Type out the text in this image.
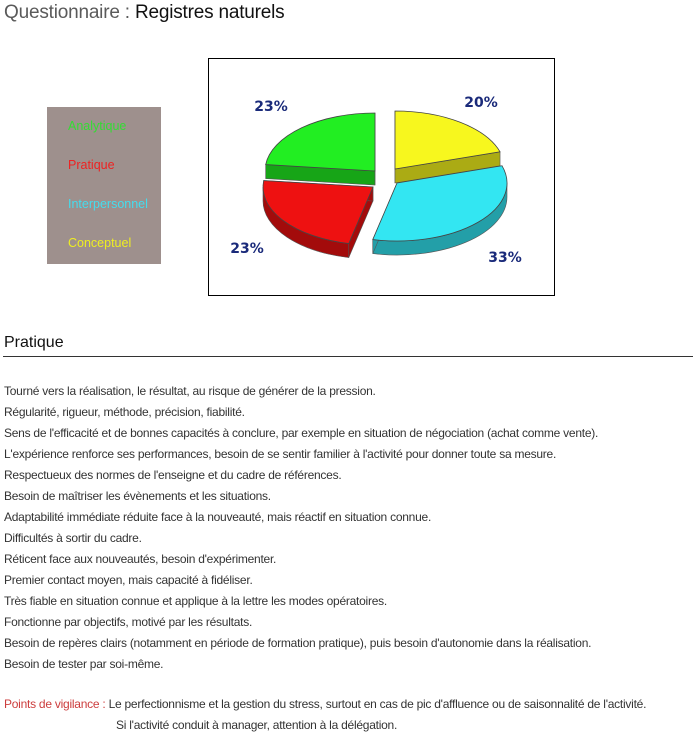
Questionnaire : Registres naturels
Analytique
Pratique
Interpersonnel
Conceptuel
23%
23%
33%
20%
Pratique
Tourné vers la réalisation, le résultat, au risque de générer de la pression.
Régularité, rigueur, méthode, précision, fiabilité.
Sens de l'efficacité et de bonnes capacités à conclure, par exemple en situation de négociation (achat comme vente).
L'expérience renforce ses performances, besoin de se sentir familier à l'activité pour donner toute sa mesure.
Respectueux des normes de l'enseigne et du cadre de références.
Besoin de maîtriser les évènements et les situations.
Adaptabilité immédiate réduite face à la nouveauté, mais réactif en situation connue.
Difficultés à sortir du cadre.
Réticent face aux nouveautés, besoin d'expérimenter.
Premier contact moyen, mais capacité à fidéliser.
Très fiable en situation connue et applique à la lettre les modes opératoires.
Fonctionne par objectifs, motivé par les résultats.
Besoin de repères clairs (notamment en période de formation pratique), puis besoin d'autonomie dans la réalisation.
Besoin de tester par soi-même.
Points de vigilance : Le perfectionnisme et la gestion du stress, surtout en cas de pic d'affluence ou de saisonnalité de l'activité.
Si l'activité conduit à manager, attention à la délégation.
